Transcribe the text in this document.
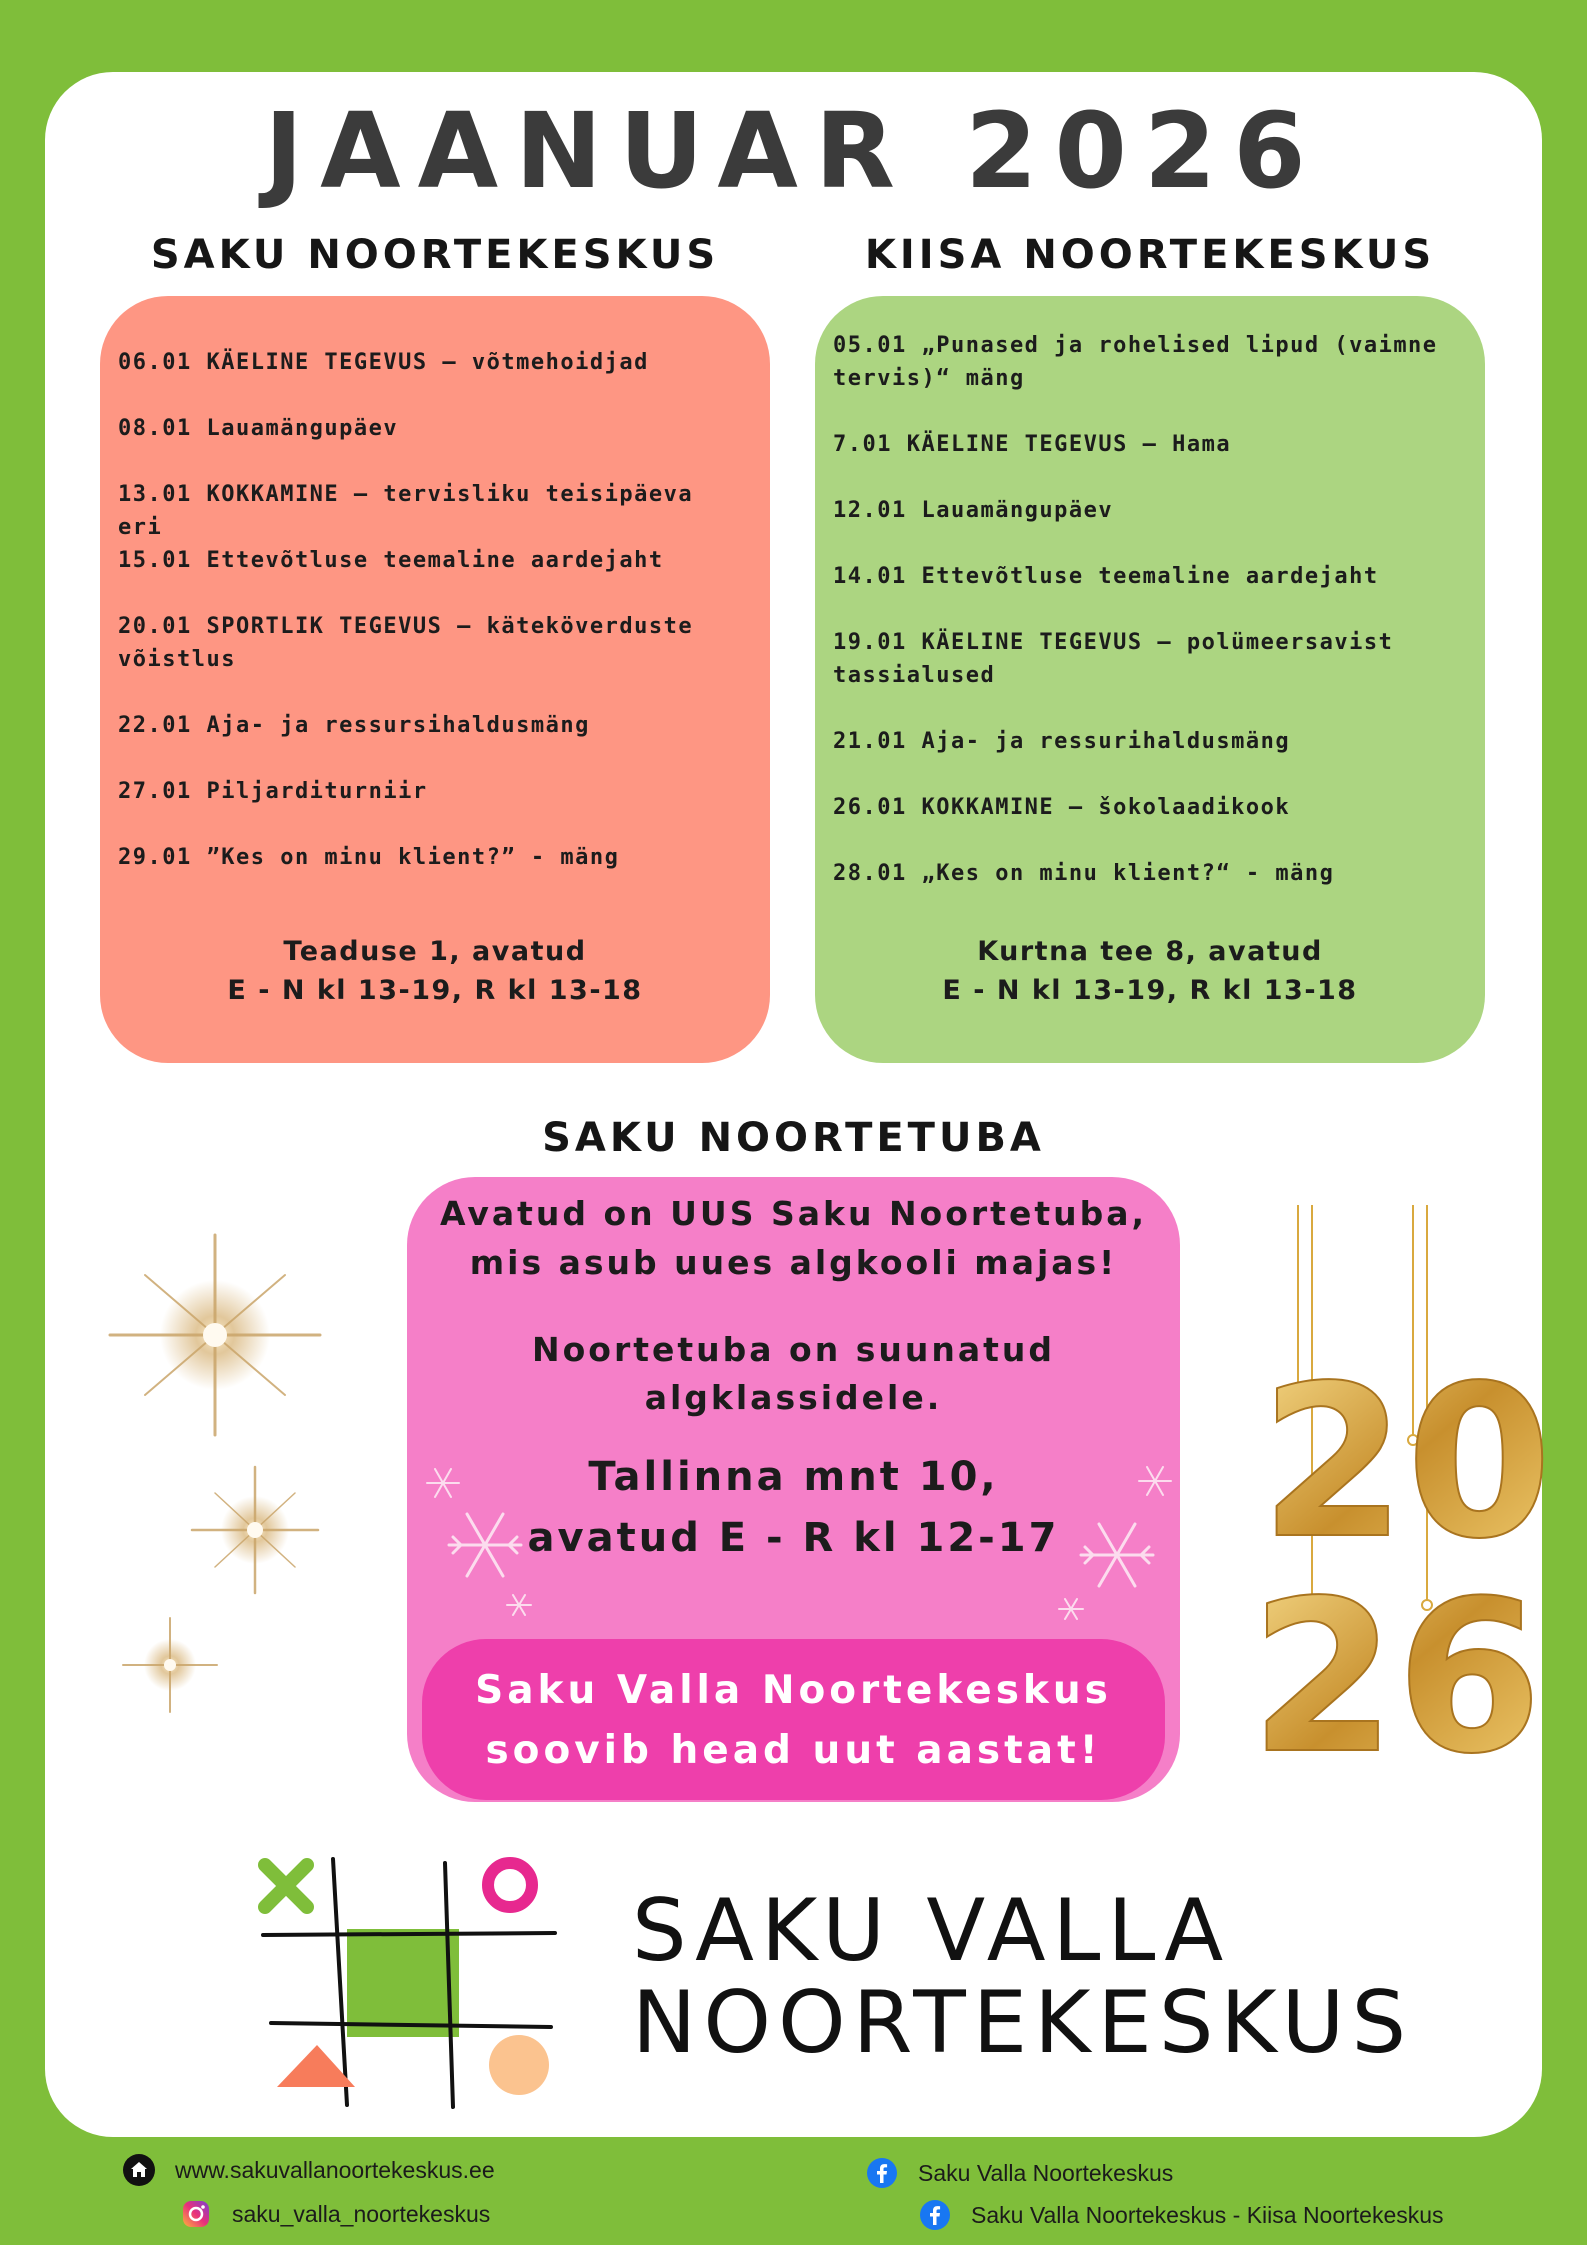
JAANUAR 2026
SAKU NOORTEKESKUS
06.01 KÄELINE TEGEVUS – võtmehoidjad
08.01 Lauamängupäev
13.01 KOKKAMINE – tervisliku teisipäeva eri
15.01 Ettevõtluse teemaline aardejaht
20.01 SPORTLIK TEGEVUS – käteköverduste võistlus
22.01 Aja- ja ressursihaldusmäng
27.01 Piljarditurniir
29.01 ”Kes on minu klient?” - mäng
Teaduse 1, avatud
E - N kl 13-19, R kl 13-18
KIISA NOORTEKESKUS
05.01 „Punased ja rohelised lipud (vaimne tervis)“ mäng
7.01 KÄELINE TEGEVUS – Hama
12.01 Lauamängupäev
14.01 Ettevõtluse teemaline aardejaht
19.01 KÄELINE TEGEVUS – polümeersavist tassialused
21.01 Aja- ja ressurihaldusmäng
26.01 KOKKAMINE – šokolaadikook
28.01 „Kes on minu klient?“ - mäng
Kurtna tee 8, avatud
E - N kl 13-19, R kl 13-18
SAKU NOORTETUBA
Avatud on UUS Saku Noortetuba,
mis asub uues algkooli majas!
Noortetuba on suunatud
algklassidele.
Tallinna mnt 10,
avatud E - R kl 12-17
Saku Valla Noortekeskus
soovib head uut aastat!
20
26
SAKU VALLA
NOORTEKESKUS
www.sakuvallanoortekeskus.ee
saku_valla_noortekeskus
Saku Valla Noortekeskus
Saku Valla Noortekeskus - Kiisa Noortekeskus
